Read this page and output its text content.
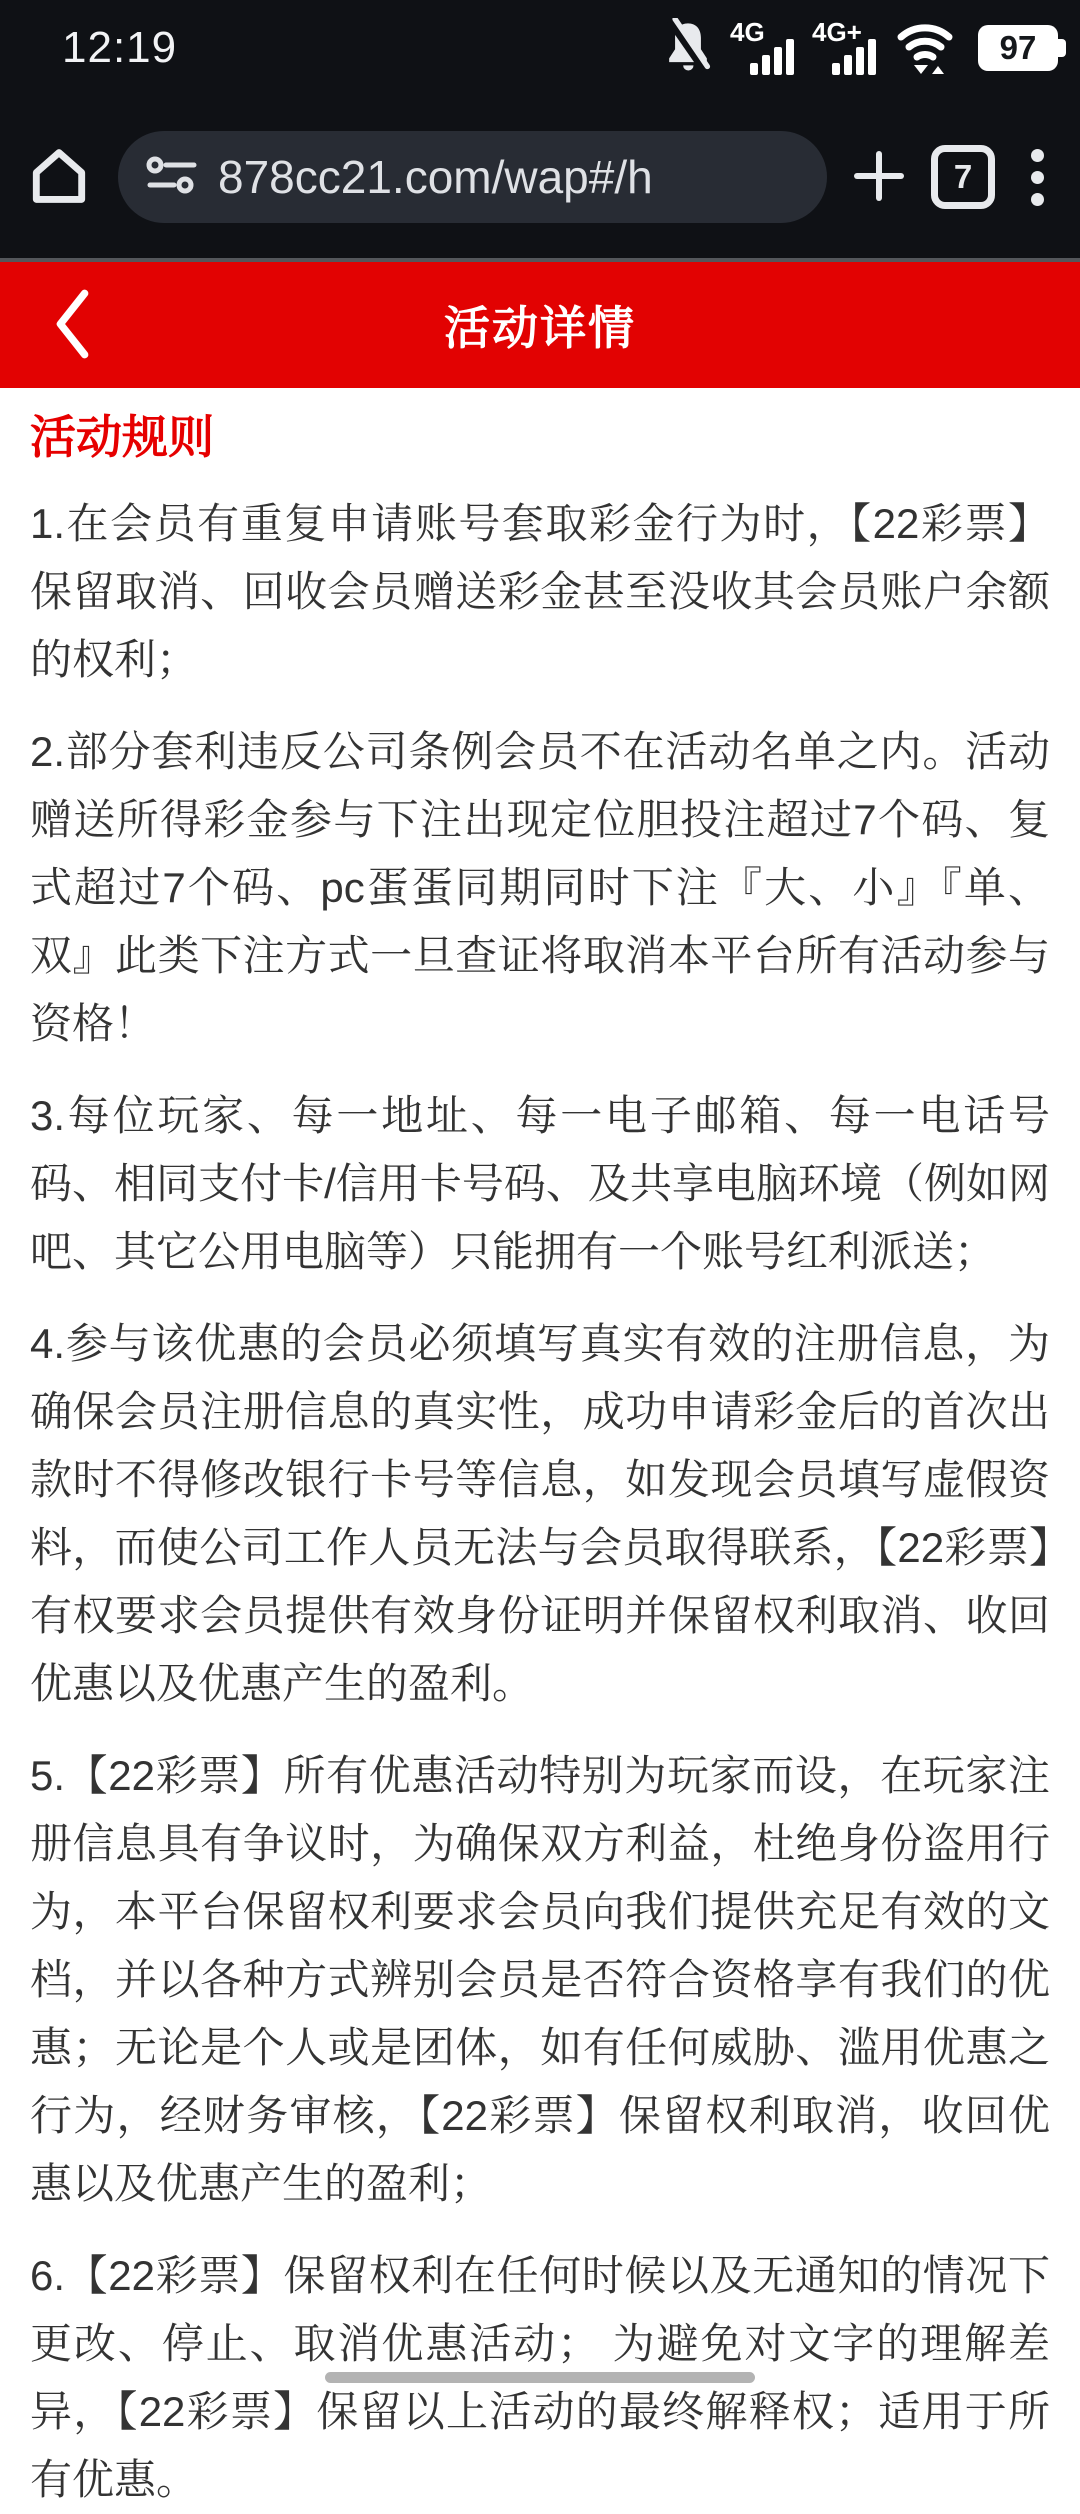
12:19	4G 4G+	97
878cc21.com/wap#/h	7
活动详情
活动规则

1.在会员有重复申请账号套取彩金行为时，【22彩票】保留取消、回收会员赠送彩金甚至没收其会员账户余额的权利；

2.部分套利违反公司条例会员不在活动名单之内。活动赠送所得彩金参与下注出现定位胆投注超过7个码、复式超过7个码、pc蛋蛋同期同时下注『大、小』『单、双』此类下注方式一旦查证将取消本平台所有活动参与资格！

3.每位玩家、每一地址、每一电子邮箱、每一电话号码、相同支付卡/信用卡号码、及共享电脑环境（例如网吧、其它公用电脑等）只能拥有一个账号红利派送；

4.参与该优惠的会员必须填写真实有效的注册信息，为确保会员注册信息的真实性，成功申请彩金后的首次出款时不得修改银行卡号等信息，如发现会员填写虚假资料，而使公司工作人员无法与会员取得联系，【22彩票】有权要求会员提供有效身份证明并保留权利取消、收回优惠以及优惠产生的盈利。

5.【22彩票】所有优惠活动特别为玩家而设，在玩家注册信息具有争议时，为确保双方利益，杜绝身份盗用行为，本平台保留权利要求会员向我们提供充足有效的文档，并以各种方式辨别会员是否符合资格享有我们的优惠；无论是个人或是团体，如有任何威胁、滥用优惠之行为，经财务审核，【22彩票】保留权利取消，收回优惠以及优惠产生的盈利；

6.【22彩票】保留权利在任何时候以及无通知的情况下更改、停止、取消优惠活动； 为避免对文字的理解差异，【22彩票】保留以上活动的最终解释权；适用于所有优惠。
